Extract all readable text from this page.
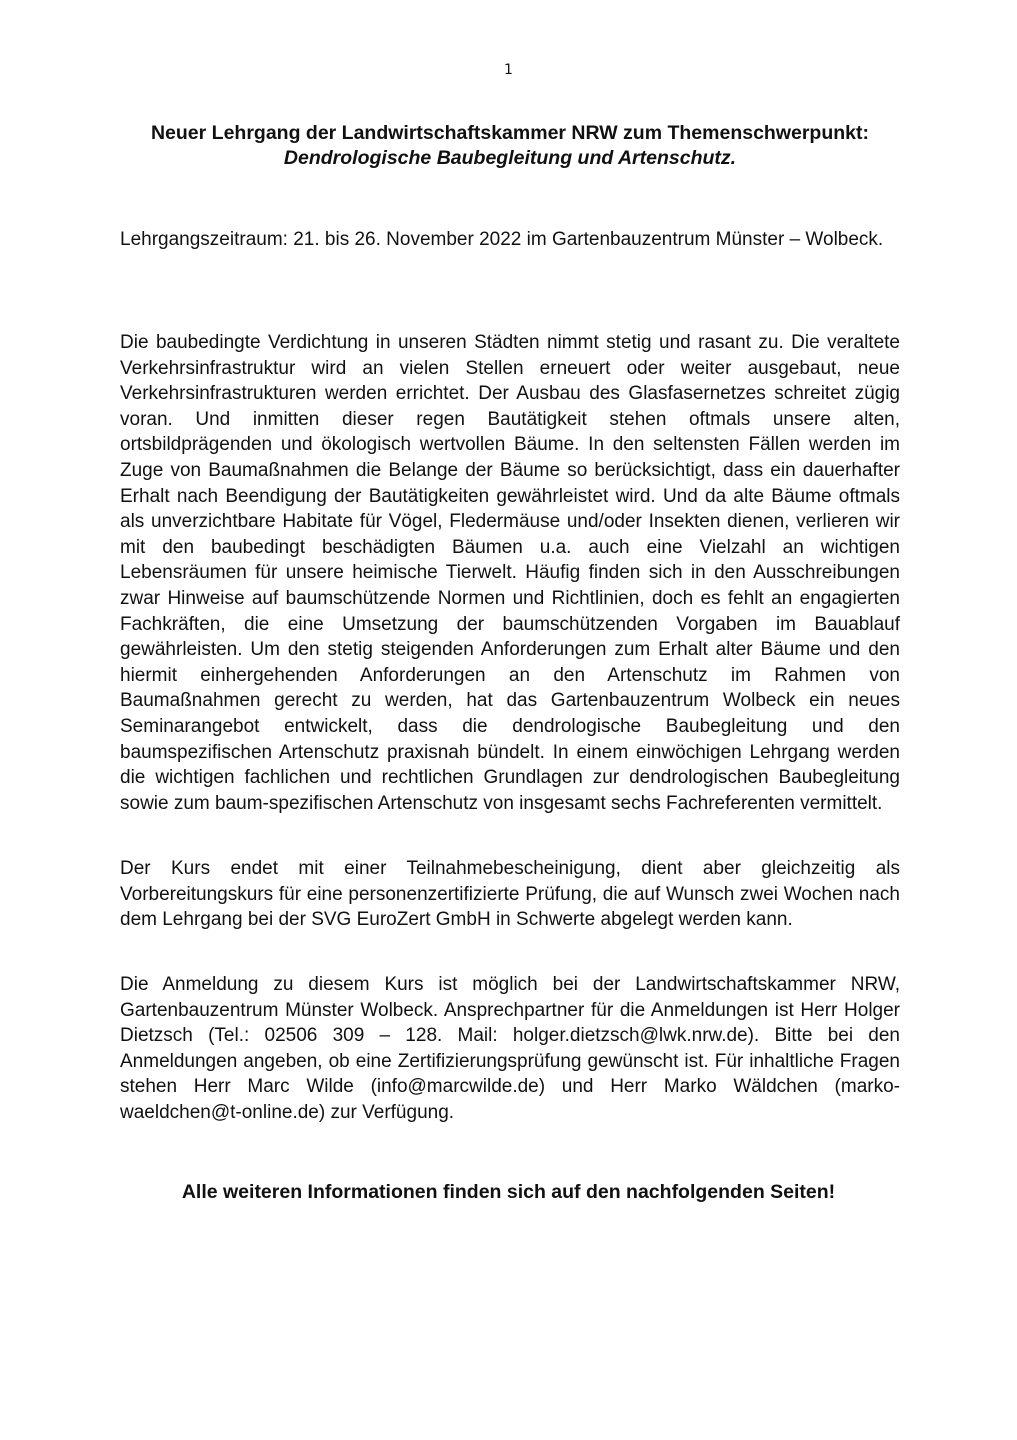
1
Neuer Lehrgang der Landwirtschaftskammer NRW zum Themenschwerpunkt:
Dendrologische Baubegleitung und Artenschutz.

Lehrgangszeitraum: 21. bis 26. November 2022 im Gartenbauzentrum Münster – Wolbeck.

Die baubedingte Verdichtung in unseren Städten nimmt stetig und rasant zu. Die veraltete Verkehrsinfrastruktur wird an vielen Stellen erneuert oder weiter ausgebaut, neue Verkehrsinfrastrukturen werden errichtet. Der Ausbau des Glasfasernetzes schreitet zügig voran. Und inmitten dieser regen Bautätigkeit stehen oftmals unsere alten, ortsbildprägenden und ökologisch wertvollen Bäume. In den seltensten Fällen werden im Zuge von Baumaßnahmen die Belange der Bäume so berücksichtigt, dass ein dauerhafter Erhalt nach Beendigung der Bautätigkeiten gewährleistet wird. Und da alte Bäume oftmals als unverzichtbare Habitate für Vögel, Fledermäuse und/oder Insekten dienen, verlieren wir mit den baubedingt beschädigten Bäumen u.a. auch eine Vielzahl an wichtigen Lebensräumen für unsere heimische Tierwelt. Häufig finden sich in den Ausschreibungen zwar Hinweise auf baumschützende Normen und Richtlinien, doch es fehlt an engagierten Fachkräften, die eine Umsetzung der baumschützenden Vorgaben im Bauablauf gewährleisten. Um den stetig steigenden Anforderungen zum Erhalt alter Bäume und den hiermit einhergehenden Anforderungen an den Artenschutz im Rahmen von Baumaßnahmen gerecht zu werden, hat das Gartenbauzentrum Wolbeck ein neues Seminarangebot entwickelt, dass die dendrologische Baubegleitung und den baumspezifischen Artenschutz praxisnah bündelt. In einem einwöchigen Lehrgang werden die wichtigen fachlichen und rechtlichen Grundlagen zur dendrologischen Baubegleitung sowie zum baum-spezifischen Artenschutz von insgesamt sechs Fachreferenten vermittelt.

Der Kurs endet mit einer Teilnahmebescheinigung, dient aber gleichzeitig als Vorbereitungskurs für eine personenzertifizierte Prüfung, die auf Wunsch zwei Wochen nach dem Lehrgang bei der SVG EuroZert GmbH in Schwerte abgelegt werden kann.

Die Anmeldung zu diesem Kurs ist möglich bei der Landwirtschaftskammer NRW, Gartenbauzentrum Münster Wolbeck. Ansprechpartner für die Anmeldungen ist Herr Holger Dietzsch (Tel.: 02506 309 – 128. Mail: holger.dietzsch@lwk.nrw.de). Bitte bei den Anmeldungen angeben, ob eine Zertifizierungsprüfung gewünscht ist. Für inhaltliche Fragen stehen Herr Marc Wilde (info@marcwilde.de) und Herr Marko Wäldchen (marko-waeldchen@t-online.de) zur Verfügung.

Alle weiteren Informationen finden sich auf den nachfolgenden Seiten!
